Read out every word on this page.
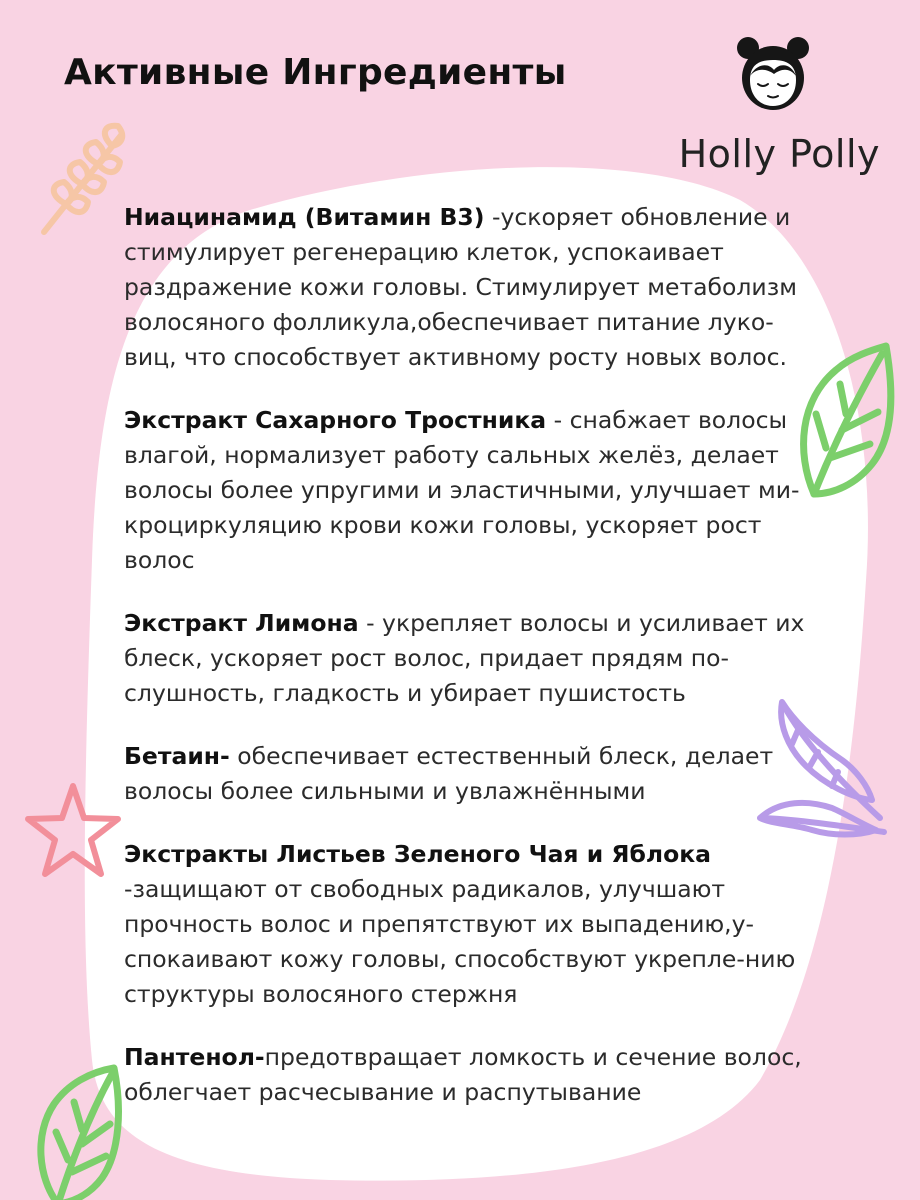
Активные Ингредиенты
Holly Polly

Ниацинамид (Витамин B3) -ускоряет обновление и стимулирует регенерацию клеток, успокаивает раздражение кожи головы. Стимулирует метаболизм волосяного фолликула,обеспечивает питание луко-виц, что способствует активному росту новых волос.

Экстракт Сахарного Тростника - снабжает волосы влагой, нормализует работу сальных желёз, делает волосы более упругими и эластичными, улучшает ми-кроциркуляцию крови кожи головы, ускоряет рост волос

Экстракт Лимона - укрепляет волосы и усиливает их блеск, ускоряет рост волос, придает прядям по-слушность, гладкость и убирает пушистость

Бетаин- обеспечивает естественный блеск, делает волосы более сильными и увлажнёнными

Экстракты Листьев Зеленого Чая и Яблока -защищают от свободных радикалов, улучшают прочность волос и препятствуют их выпадению,у-спокаивают кожу головы, способствуют укрепле-нию структуры волосяного стержня

Пантенол-предотвращает ломкость и сечение волос, облегчает расчесывание и распутывание
